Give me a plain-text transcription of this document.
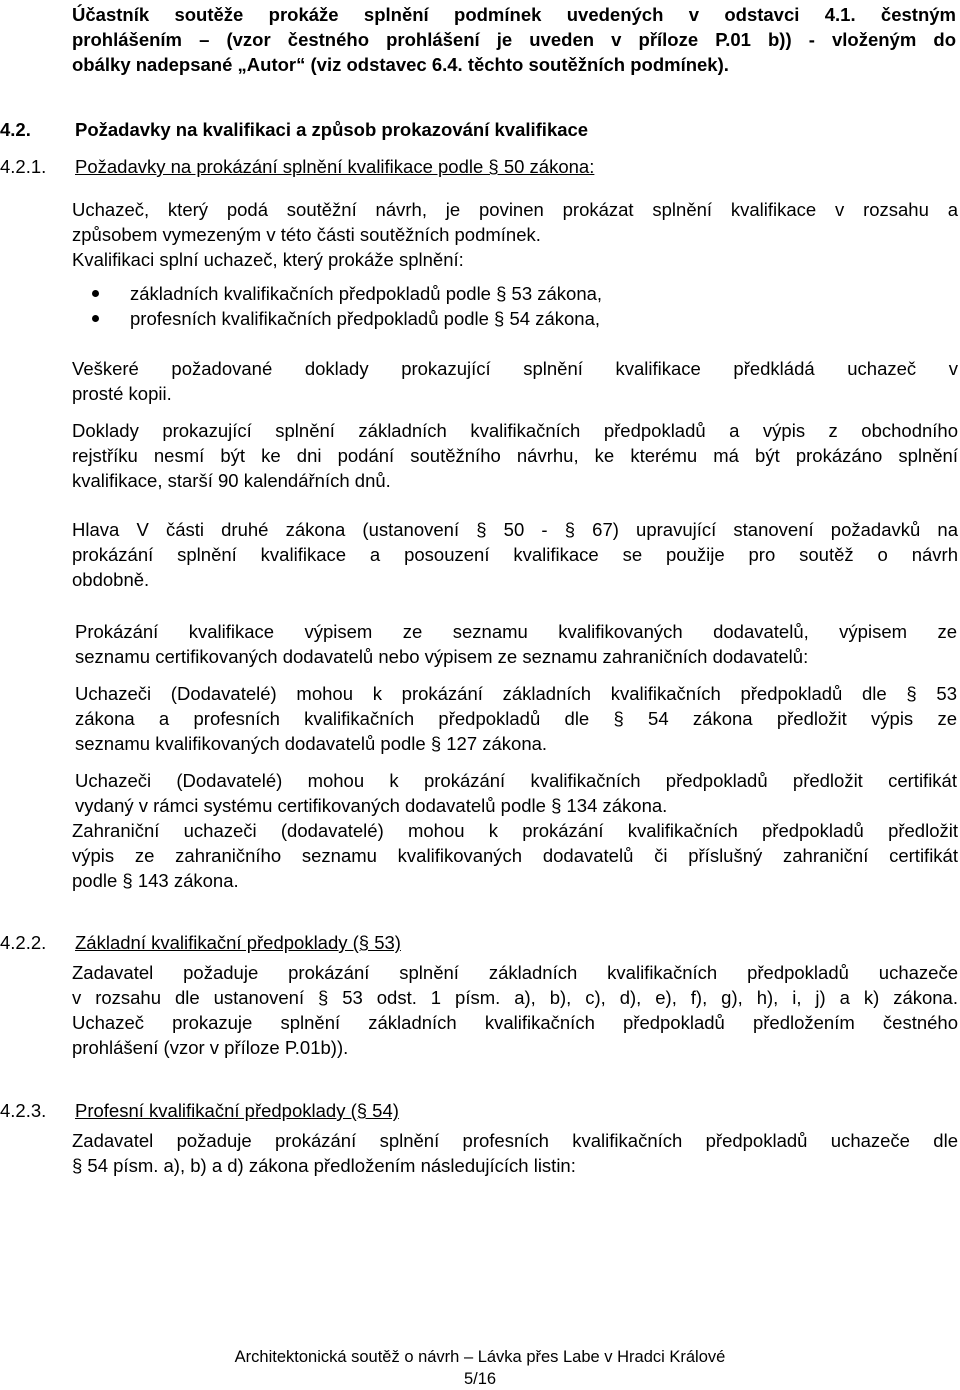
Účastník soutěže prokáže splnění podmínek uvedených v odstavci 4.1. čestným
prohlášením – (vzor čestného prohlášení je uveden v příloze P.01 b)) - vloženým do
obálky nadepsané „Autor“ (viz odstavec 6.4. těchto soutěžních podmínek).
4.2. Požadavky na kvalifikaci a způsob prokazování kvalifikace
4.2.1. Požadavky na prokázání splnění kvalifikace podle § 50 zákona:
Uchazeč, který podá soutěžní návrh, je povinen prokázat splnění kvalifikace v rozsahu a
způsobem vymezeným v této části soutěžních podmínek.
Kvalifikaci splní uchazeč, který prokáže splnění:
základních kvalifikačních předpokladů podle § 53 zákona,
profesních kvalifikačních předpokladů podle § 54 zákona,
Veškeré požadované doklady prokazující splnění kvalifikace předkládá uchazeč v
prosté kopii.
Doklady prokazující splnění základních kvalifikačních předpokladů a výpis z obchodního
rejstříku nesmí být ke dni podání soutěžního návrhu, ke kterému má být prokázáno splnění
kvalifikace, starší 90 kalendářních dnů.
Hlava V části druhé zákona (ustanovení § 50 - § 67) upravující stanovení požadavků na
prokázání splnění kvalifikace a posouzení kvalifikace se použije pro soutěž o návrh
obdobně.
Prokázání kvalifikace výpisem ze seznamu kvalifikovaných dodavatelů, výpisem ze
seznamu certifikovaných dodavatelů nebo výpisem ze seznamu zahraničních dodavatelů:
Uchazeči (Dodavatelé) mohou k prokázání základních kvalifikačních předpokladů dle § 53
zákona a profesních kvalifikačních předpokladů dle § 54 zákona předložit výpis ze
seznamu kvalifikovaných dodavatelů podle § 127 zákona.
Uchazeči (Dodavatelé) mohou k prokázání kvalifikačních předpokladů předložit certifikát
vydaný v rámci systému certifikovaných dodavatelů podle § 134 zákona.
Zahraniční uchazeči (dodavatelé) mohou k prokázání kvalifikačních předpokladů předložit
výpis ze zahraničního seznamu kvalifikovaných dodavatelů či příslušný zahraniční certifikát
podle § 143 zákona.
4.2.2. Základní kvalifikační předpoklady (§ 53)
Zadavatel požaduje prokázání splnění základních kvalifikačních předpokladů uchazeče
v rozsahu dle ustanovení § 53 odst. 1 písm. a), b), c), d), e), f), g), h), i, j) a k) zákona.
Uchazeč prokazuje splnění základních kvalifikačních předpokladů předložením čestného
prohlášení (vzor v příloze P.01b)).
4.2.3. Profesní kvalifikační předpoklady (§ 54)
Zadavatel požaduje prokázání splnění profesních kvalifikačních předpokladů uchazeče dle
§ 54 písm. a), b) a d) zákona předložením následujících listin:
Architektonická soutěž o návrh – Lávka přes Labe v Hradci Králové
5/16
